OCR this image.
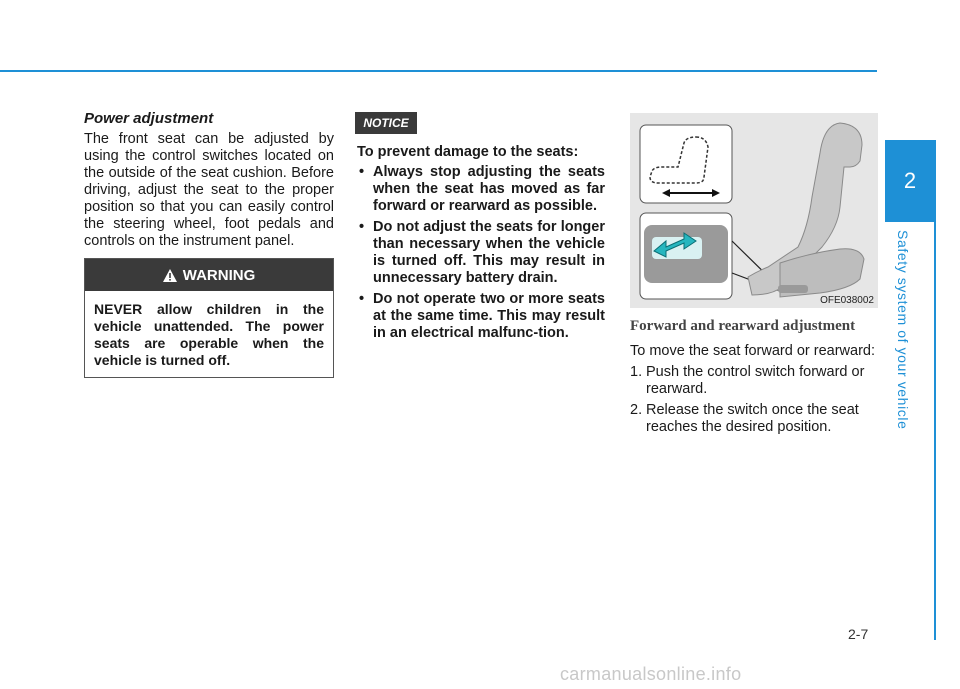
2
Safety system of your vehicle
Power adjustment

The front seat can be adjusted by using the control switches located on the outside of the seat cushion. Before driving, adjust the seat to the proper position so that you can easily control the steering wheel, foot pedals and controls on the instrument panel.

WARNING
NEVER allow children in the vehicle unattended. The power seats are operable when the vehicle is turned off.
NOTICE

To prevent damage to the seats:

• Always stop adjusting the seats when the seat has moved as far forward or rearward as possible.
• Do not adjust the seats for longer than necessary when the vehicle is turned off. This may result in unnecessary battery drain.
• Do not operate two or more seats at the same time. This may result in an electrical malfunc-tion.
OFE038002
Forward and rearward adjustment

To move the seat forward or rearward:

1. Push the control switch forward or rearward.
2. Release the switch once the seat reaches the desired position.
2-7
carmanualsonline.info
